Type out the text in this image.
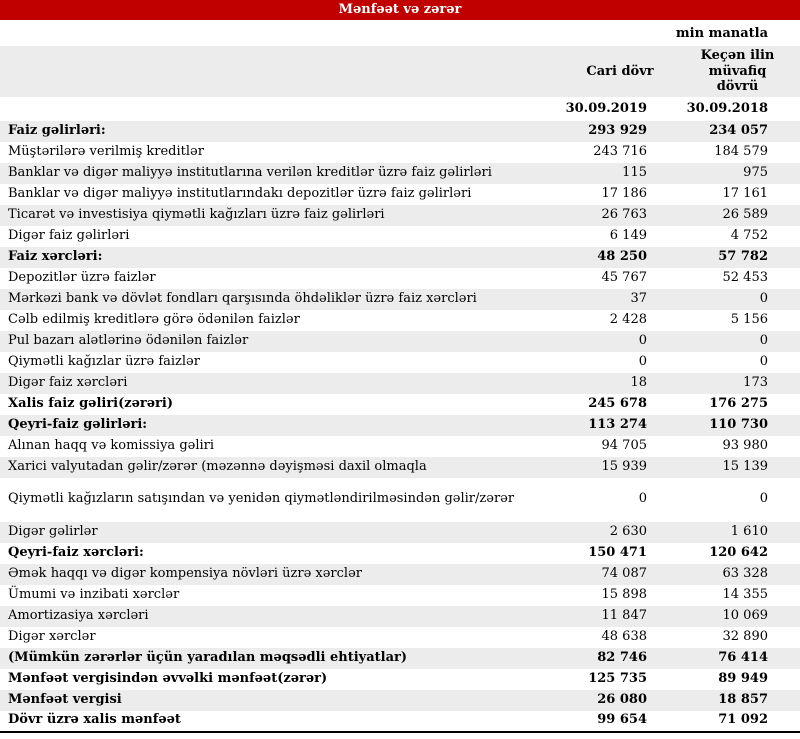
Mənfəət və zərər
min manatla
	Cari dövr	Keçən ilin müvafiq dövrü
	30.09.2019	30.09.2018
Faiz gəlirləri:	293 929	234 057
Müştərilərə verilmiş kreditlər	243 716	184 579
Banklar və digər maliyyə institutlarına verilən kreditlər üzrə faiz gəlirləri	115	975
Banklar və digər maliyyə institutlarındakı depozitlər üzrə faiz gəlirləri	17 186	17 161
Ticarət və investisiya qiymətli kağızları üzrə faiz gəlirləri	26 763	26 589
Digər faiz gəlirləri	6 149	4 752
Faiz xərcləri:	48 250	57 782
Depozitlər üzrə faizlər	45 767	52 453
Mərkəzi bank və dövlət fondları qarşısında öhdəliklər üzrə faiz xərcləri	37	0
Cəlb edilmiş kreditlərə görə ödənilən faizlər	2 428	5 156
Pul bazarı alətlərinə ödənilən faizlər	0	0
Qiymətli kağızlar üzrə faizlər	0	0
Digər faiz xərcləri	18	173
Xalis faiz gəliri(zərəri)	245 678	176 275
Qeyri-faiz gəlirləri:	113 274	110 730
Alınan haqq və komissiya gəliri	94 705	93 980
Xarici valyutadan gəlir/zərər (məzənnə dəyişməsi daxil olmaqla	15 939	15 139
Qiymətli kağızların satışından və yenidən qiymətləndirilməsindən gəlir/zərər	0	0
Digər gəlirlər	2 630	1 610
Qeyri-faiz xərcləri:	150 471	120 642
Əmək haqqı və digər kompensiya növləri üzrə xərclər	74 087	63 328
Ümumi və inzibati xərclər	15 898	14 355
Amortizasiya xərcləri	11 847	10 069
Digər xərclər	48 638	32 890
(Mümkün zərərlər üçün yaradılan məqsədli ehtiyatlar)	82 746	76 414
Mənfəət vergisindən əvvəlki mənfəət(zərər)	125 735	89 949
Mənfəət vergisi	26 080	18 857
Dövr üzrə xalis mənfəət	99 654	71 092
